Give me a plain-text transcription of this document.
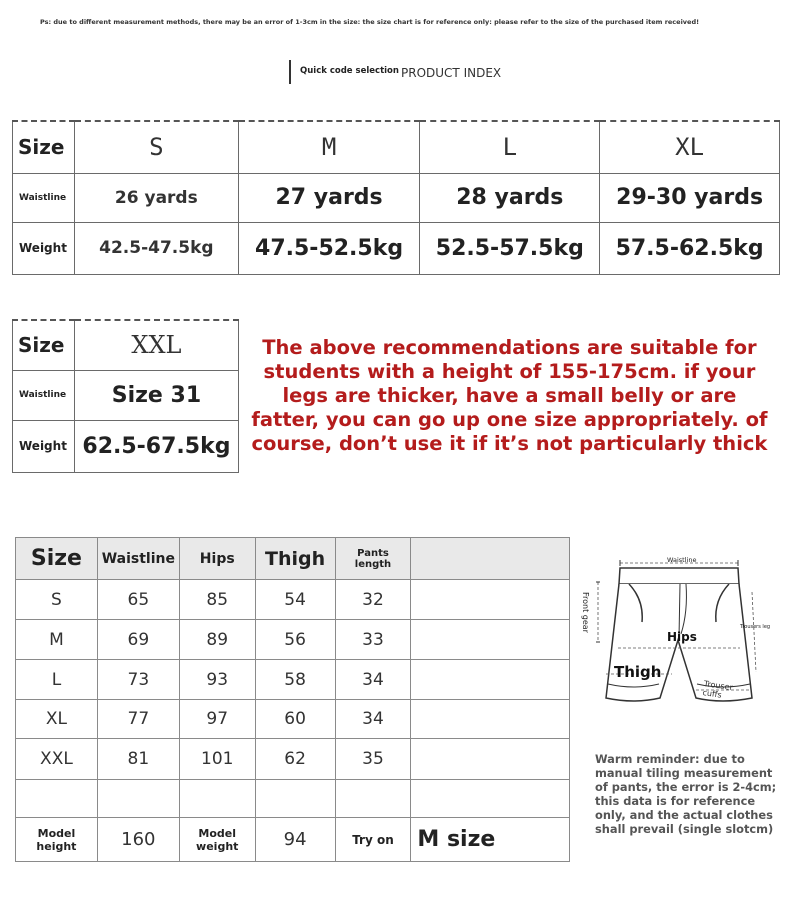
Ps: due to different measurement methods, there may be an error of 1-3cm in the size: the size chart is for reference only: please refer to the size of the purchased item received!
Quick code selection PRODUCT INDEX
Size	S	M	L	XL
Waistline	26 yards	27 yards	28 yards	29-30 yards
Weight	42.5-47.5kg	47.5-52.5kg	52.5-57.5kg	57.5-62.5kg
Size	XXL	The above recommendations are suitable for
students with a height of 155-175cm. if your
legs are thicker, have a small belly or are
fatter, you can go up one size appropriately. of
course, don’t use it if it’s not particularly thick

Waistline	Size 31	
Weight	62.5-67.5kg	
Size	Waistline	Hips	Thigh	Pants
length	
S	65	85	54	32	
M	69	89	56	33	
L	73	93	58	34	
XL	77	97	60	34	
XXL	81	101	62	35	

Model height	160	Model weight	94	Try on	M size
Waistline
Front gear	Trousers leg
Hips
Thigh
Trouser cuffs
Warm reminder: due to manual tiling measurement of pants, the error is 2-4cm; this data is for reference only, and the actual clothes shall prevail (single slotcm)
